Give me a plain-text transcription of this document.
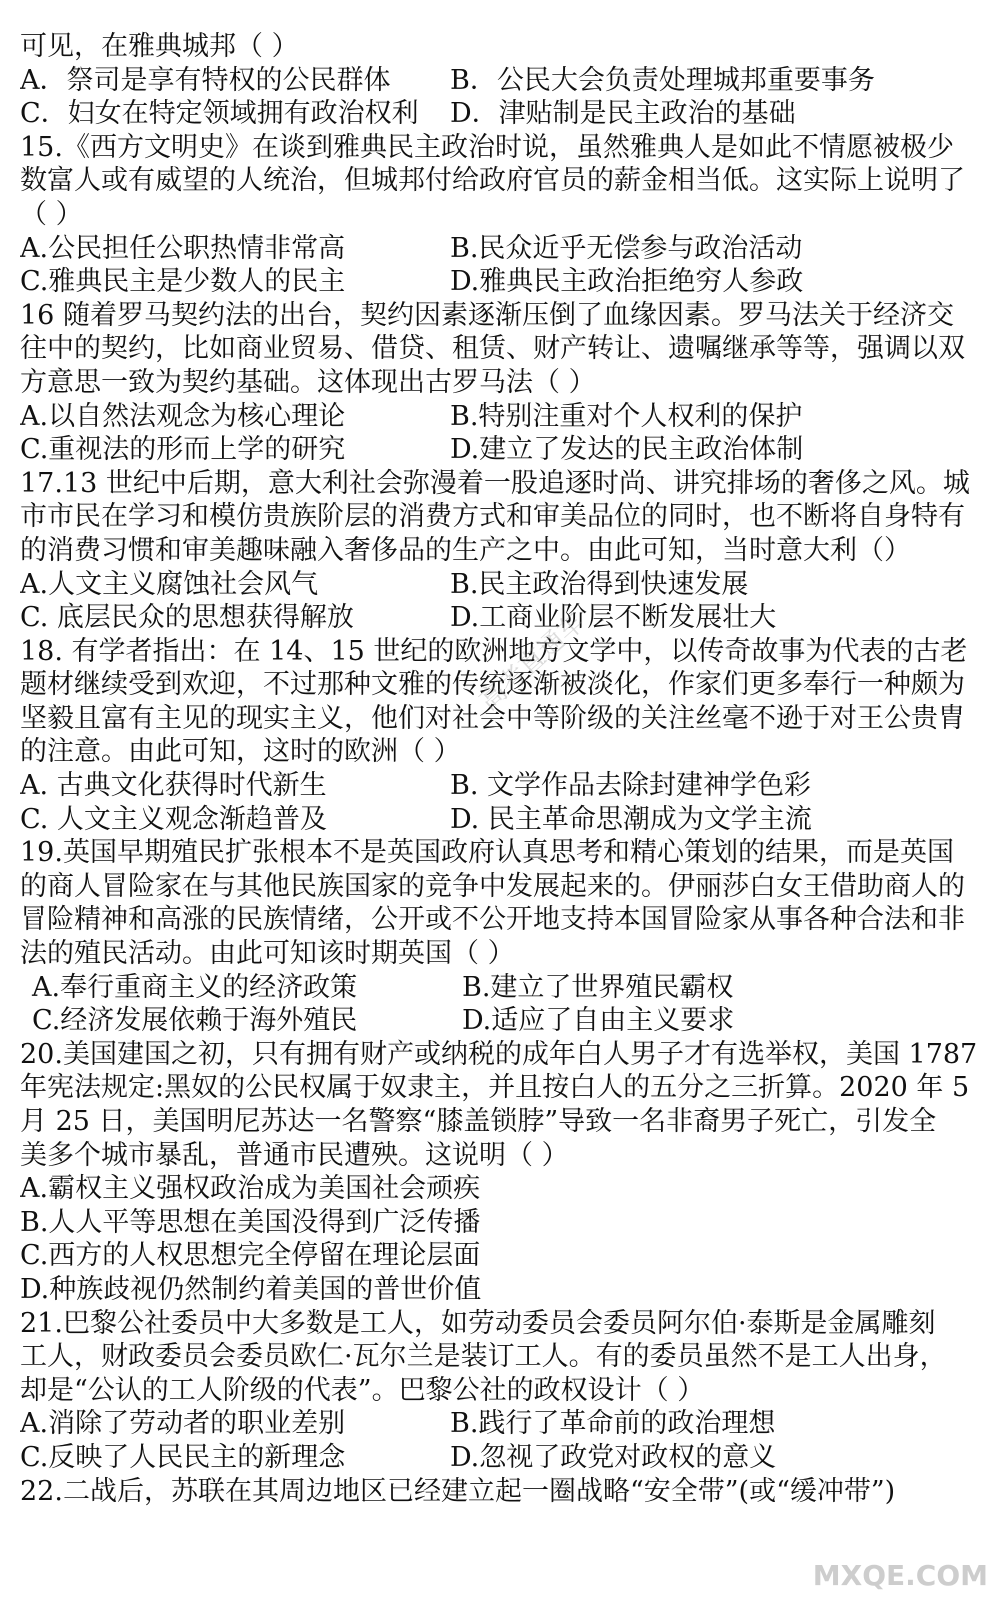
可见，在雅典城邦（ ）
A．祭司是享有特权的公民群体	B．公民大会负责处理城邦重要事务
C．妇女在特定领域拥有政治权利	D．津贴制是民主政治的基础
15.《西方文明史》在谈到雅典民主政治时说，虽然雅典人是如此不情愿被极少
数富人或有威望的人统治，但城邦付给政府官员的薪金相当低。这实际上说明了
（ ）
A.公民担任公职热情非常高	B.民众近乎无偿参与政治活动
C.雅典民主是少数人的民主	D.雅典民主政治拒绝穷人参政
16 随着罗马契约法的出台，契约因素逐渐压倒了血缘因素。罗马法关于经济交
往中的契约，比如商业贸易、借贷、租赁、财产转让、遗嘱继承等等，强调以双
方意思一致为契约基础。这体现出古罗马法（ ）
A.以自然法观念为核心理论	B.特别注重对个人权利的保护
C.重视法的形而上学的研究	D.建立了发达的民主政治体制
17.13 世纪中后期，意大利社会弥漫着一股追逐时尚、讲究排场的奢侈之风。城
市市民在学习和模仿贵族阶层的消费方式和审美品位的同时，也不断将自身特有
的消费习惯和审美趣味融入奢侈品的生产之中。由此可知，当时意大利（）
A.人文主义腐蚀社会风气	B.民主政治得到快速发展
C. 底层民众的思想获得解放	D.工商业阶层不断发展壮大
18. 有学者指出：在 14、15 世纪的欧洲地方文学中，以传奇故事为代表的古老
题材继续受到欢迎，不过那种文雅的传统逐渐被淡化，作家们更多奉行一种颇为
坚毅且富有主见的现实主义，他们对社会中等阶级的关注丝毫不逊于对王公贵胄
的注意。由此可知，这时的欧洲（ ）
A. 古典文化获得时代新生	B. 文学作品去除封建神学色彩
C. 人文主义观念渐趋普及	D. 民主革命思潮成为文学主流
19.英国早期殖民扩张根本不是英国政府认真思考和精心策划的结果，而是英国
的商人冒险家在与其他民族国家的竞争中发展起来的。伊丽莎白女王借助商人的
冒险精神和高涨的民族情绪，公开或不公开地支持本国冒险家从事各种合法和非
法的殖民活动。由此可知该时期英国（ ）
A.奉行重商主义的经济政策	B.建立了世界殖民霸权
C.经济发展依赖于海外殖民	D.适应了自由主义要求
20.美国建国之初，只有拥有财产或纳税的成年白人男子才有选举权，美国 1787
年宪法规定:黑奴的公民权属于奴隶主，并且按白人的五分之三折算。2020 年 5
月 25 日，美国明尼苏达一名警察“膝盖锁脖”导致一名非裔男子死亡，引发全
美多个城市暴乱，普通市民遭殃。这说明（ ）
A.霸权主义强权政治成为美国社会顽疾
B.人人平等思想在美国没得到广泛传播
C.西方的人权思想完全停留在理论层面
D.种族歧视仍然制约着美国的普世价值
21.巴黎公社委员中大多数是工人，如劳动委员会委员阿尔伯·泰斯是金属雕刻
工人，财政委员会委员欧仁·瓦尔兰是装订工人。有的委员虽然不是工人出身，
却是“公认的工人阶级的代表”。巴黎公社的政权设计（ ）
A.消除了劳动者的职业差别	B.践行了革命前的政治理想
C.反映了人民民主的新理念	D.忽视了政党对政权的意义
22.二战后，苏联在其周边地区已经建立起一圈战略“安全带”(或“缓冲带”)
高考直通车
MXQE.COM
